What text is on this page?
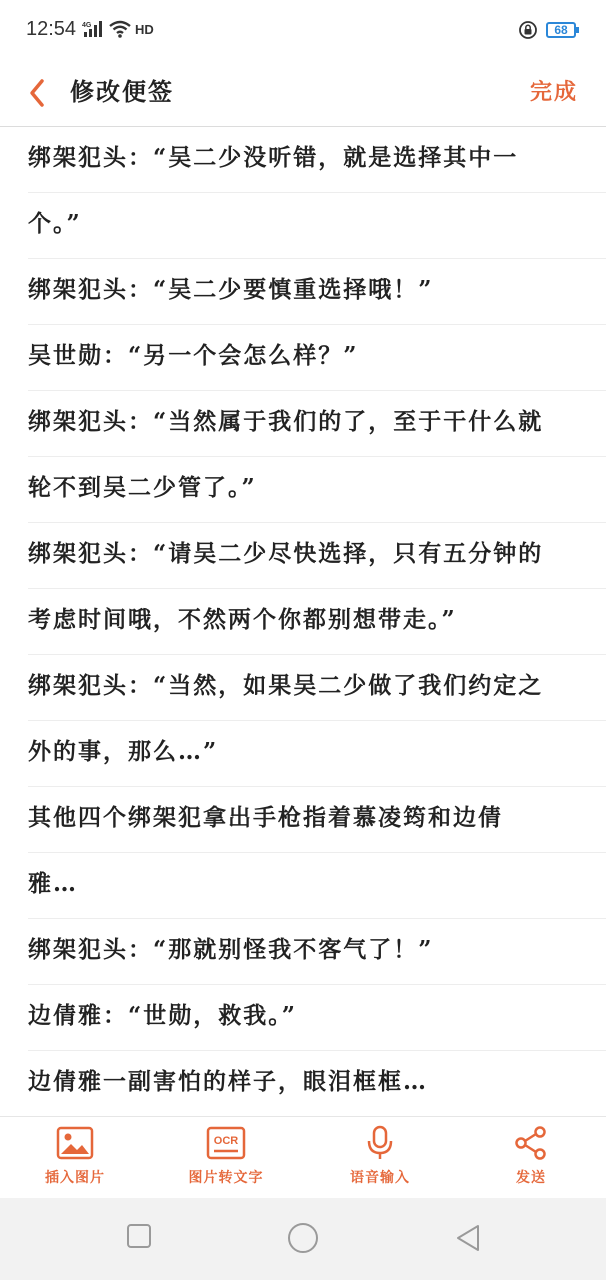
12:54 4G	HD	68
修改便签	完成
绑架犯头：“吴二少没听错，就是选择其中一
个。”
绑架犯头：“吴二少要慎重选择哦！”
吴世勋：“另一个会怎么样？”
绑架犯头：“当然属于我们的了，至于干什么就
轮不到吴二少管了。”
绑架犯头：“请吴二少尽快选择，只有五分钟的
考虑时间哦，不然两个你都别想带走。”
绑架犯头：“当然，如果吴二少做了我们约定之
外的事，那么…”
其他四个绑架犯拿出手枪指着慕凌筠和边倩
雅…
绑架犯头：“那就别怪我不客气了！”
边倩雅：“世勋，救我。”
边倩雅一副害怕的样子，眼泪框框…
插入图片
OCR
图片转文字	语音输入	发送
